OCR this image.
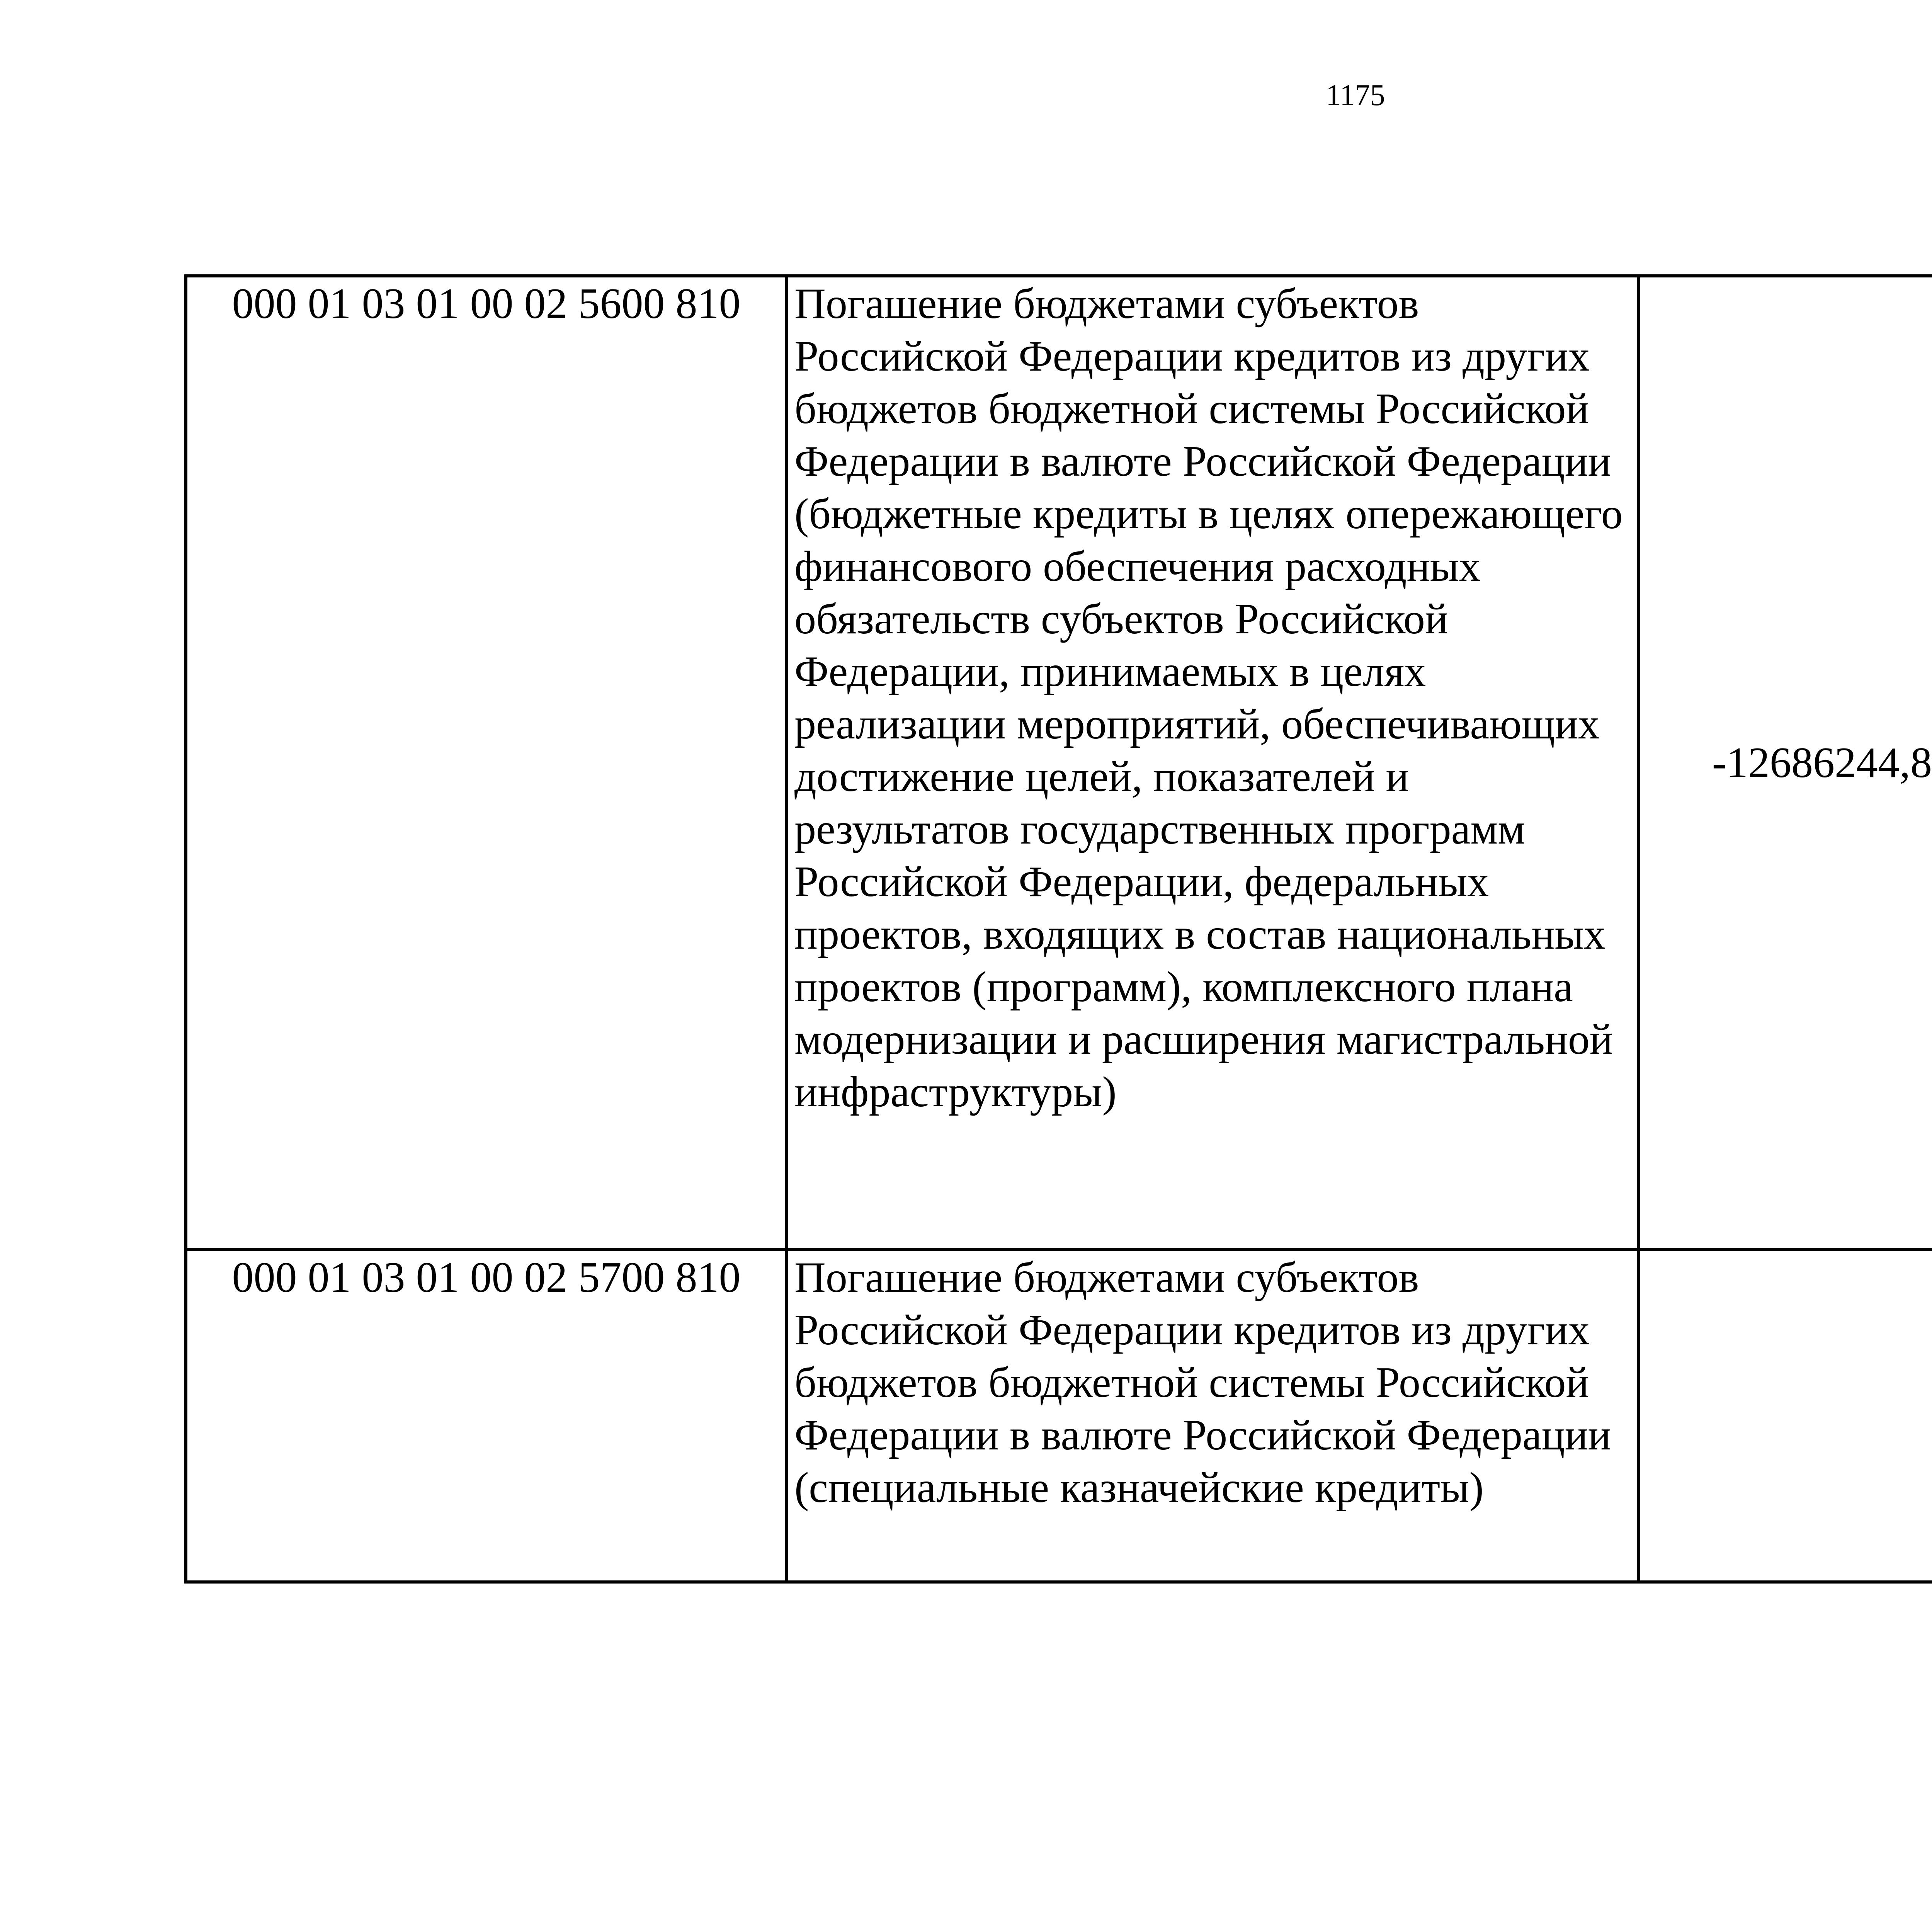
1175
000 01 03 01 00 02 5600 810	Погашение бюджетами субъектов Российской Федерации кредитов из других бюджетов бюджетной системы Российской Федерации в валюте Российской Федерации (бюджетные кредиты в целях опережающего финансового обеспечения расходных обязательств субъектов Российской Федерации, принимаемых в целях реализации мероприятий, обеспечивающих достижение целей, показателей и результатов государственных программ Российской Федерации, федеральных проектов, входящих в состав национальных проектов (программ), комплексного плана модернизации и расширения магистральной инфраструктуры)	-12686244,8		
000 01 03 01 00 02 5700 810	Погашение бюджетами субъектов Российской Федерации кредитов из других бюджетов бюджетной системы Российской Федерации в валюте Российской Федерации (специальные казначейские кредиты)			
